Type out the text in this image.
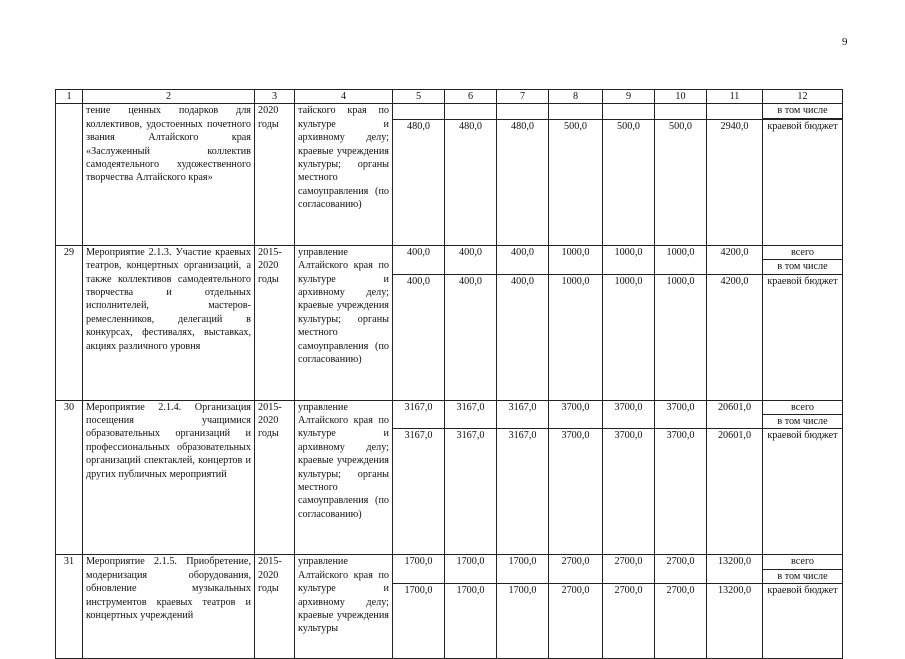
9
1	2	3	4	5	6	7	8	9	10	11	12
	тение ценных подарков для коллективов, удостоенных почетного звания Алтайского края «Заслуженный коллектив самодеятельного художественного творчества Алтайского края»	2020 годы	тайского края по культуре и архивному делу; краевые учреждения культуры; органы местного самоуправления (по согласованию)								в том числе

				480,0	480,0	480,0	500,0	500,0	500,0	2940,0	краевой бюджет
29	Мероприятие 2.1.3. Участие краевых театров, концертных организаций, а также коллективов самодеятельного творчества и отдельных исполнителей, мастеров-ремесленников, делегаций в конкурсах, фестивалях, выставках, акциях различного уровня	2015-2020 годы	управление Алтайского края по культуре и архивному делу; краевые учреждения культуры; органы местного самоуправления (по согласованию)	400,0	400,0	400,0	1000,0	1000,0	1000,0	4200,0	всего
											в том числе
				400,0	400,0	400,0	1000,0	1000,0	1000,0	4200,0	краевой бюджет
30	Мероприятие 2.1.4. Организация посещения учащимися образовательных организаций и профессиональных образовательных организаций спектаклей, концертов и других публичных мероприятий	2015-2020 годы	управление Алтайского края по культуре и архивному делу; краевые учреждения культуры; органы местного самоуправления (по согласованию)	3167,0	3167,0	3167,0	3700,0	3700,0	3700,0	20601,0	всего
											в том числе
				3167,0	3167,0	3167,0	3700,0	3700,0	3700,0	20601,0	краевой бюджет
31	Мероприятие 2.1.5. Приобретение, модернизация оборудования, обновление музыкальных инструментов краевых театров и концертных учреждений	2015-2020 годы	управление Алтайского края по культуре и архивному делу; краевые учреждения культуры	1700,0	1700,0	1700,0	2700,0	2700,0	2700,0	13200,0	всего
											в том числе
				1700,0	1700,0	1700,0	2700,0	2700,0	2700,0	13200,0	краевой бюджет
